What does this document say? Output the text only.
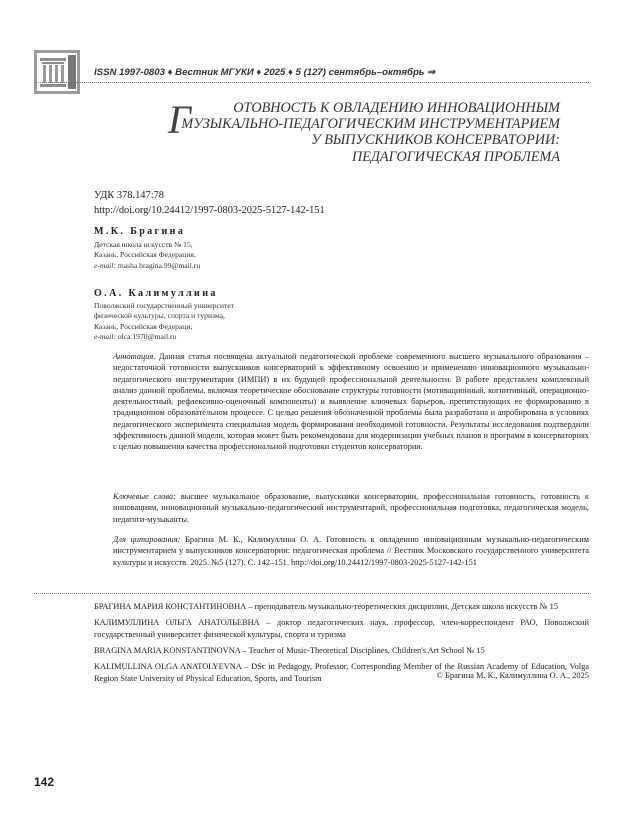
ISSN 1997-0803 ♦ Вестник МГУКИ ♦ 2025 ♦ 5 (127) сентябрь–октябрь ⇒
Г	ОТОВНОСТЬ К ОВЛАДЕНИЮ ИННОВАЦИОННЫМ
МУЗЫКАЛЬНО-ПЕДАГОГИЧЕСКИМ ИНСТРУМЕНТАРИЕМ
У ВЫПУСКНИКОВ КОНСЕРВАТОРИИ:
ПЕДАГОГИЧЕСКАЯ ПРОБЛЕМА
УДК 378.147:78
http://doi.org/10.24412/1997-0803-2025-5127-142-151
М.К. Брагина
Детская школа искусств № 15,
Казань, Российская Федерация,
e-mail: masha.bragina.99@mail.ru
О.А. Калимуллина
Поволжский государственный университет
физической культуры, спорта и туризма,
Казань, Российская Федераци,
e-mail: olca.1970@mail.ru
Аннотация. Данная статья посвящена актуальной педагогической проблеме современного высшего музыкального образования – недостаточной готовности выпускников консерваторий к эффективному освоению и применению инновационного музыкально-педагогического инструментария (ИМПИ) в их будущей профессиональной деятельности. В работе представлен комплексный анализ данной проблемы, включая теоретическое обоснование структуры готовности (мотивационный, когнитивный, операционно-деятельностный, рефлексивно-оценочный компоненты) и выявление ключевых барьеров, препятствующих ее формированию в традиционном образовательном процессе. С целью решения обозначенной проблемы была разработана и апробирована в условиях педагогического эксперимента специальная модель формирования необходимой готовности. Результаты исследования подтвердили эффективность данной модели, которая может быть рекомендована для модернизации учебных планов и программ в консерваториях с целью повышения качества профессиональной подготовки студентов консерватории.
Ключевые слова: высшее музыкальное образование, выпускники консерватории, профессиональная готовность, готовность к инновациям, инновационный музыкально-педагогический инструментарий, профессиональная подготовка, педагогическая модель, педагоги-музыканты.
Для цитирования: Брагина М. К., Калимуллина О. А. Готовность к овладению инновационным музыкально-педагогическим инструментарием у выпускников консерватории: педагогическая проблема // Вестник Московского государственного университета культуры и искусств. 2025. №5 (127). С. 142–151. http://doi.org/10.24412/1997-0803-2025-5127-142-151

БРАГИНА МАРИЯ КОНСТАНТИНОВНА – преподаватель музыкально-теоретических дисциплин, Детская школа искусств № 15

КАЛИМУЛЛИНА ОЛЬГА АНАТОЛЬЕВНА – доктор педагогических наук, профессор, член-корреспондент РАО, Поволжский государственный университет физической культуры, спорта и туризма

BRAGINA MARIA KONSTANTINOVNA – Teacher of Music-Theoretical Disciplines, Children's Art School № 15

KALIMULLINA OLGA ANATOLYEVNA – DSc in Pedagogy, Professor, Corresponding Member of the Russian Academy of Education, Volga Region State University of Physical Education, Sports, and Tourism	© Брагина М. К., Калимуллина О. А., 2025
142
